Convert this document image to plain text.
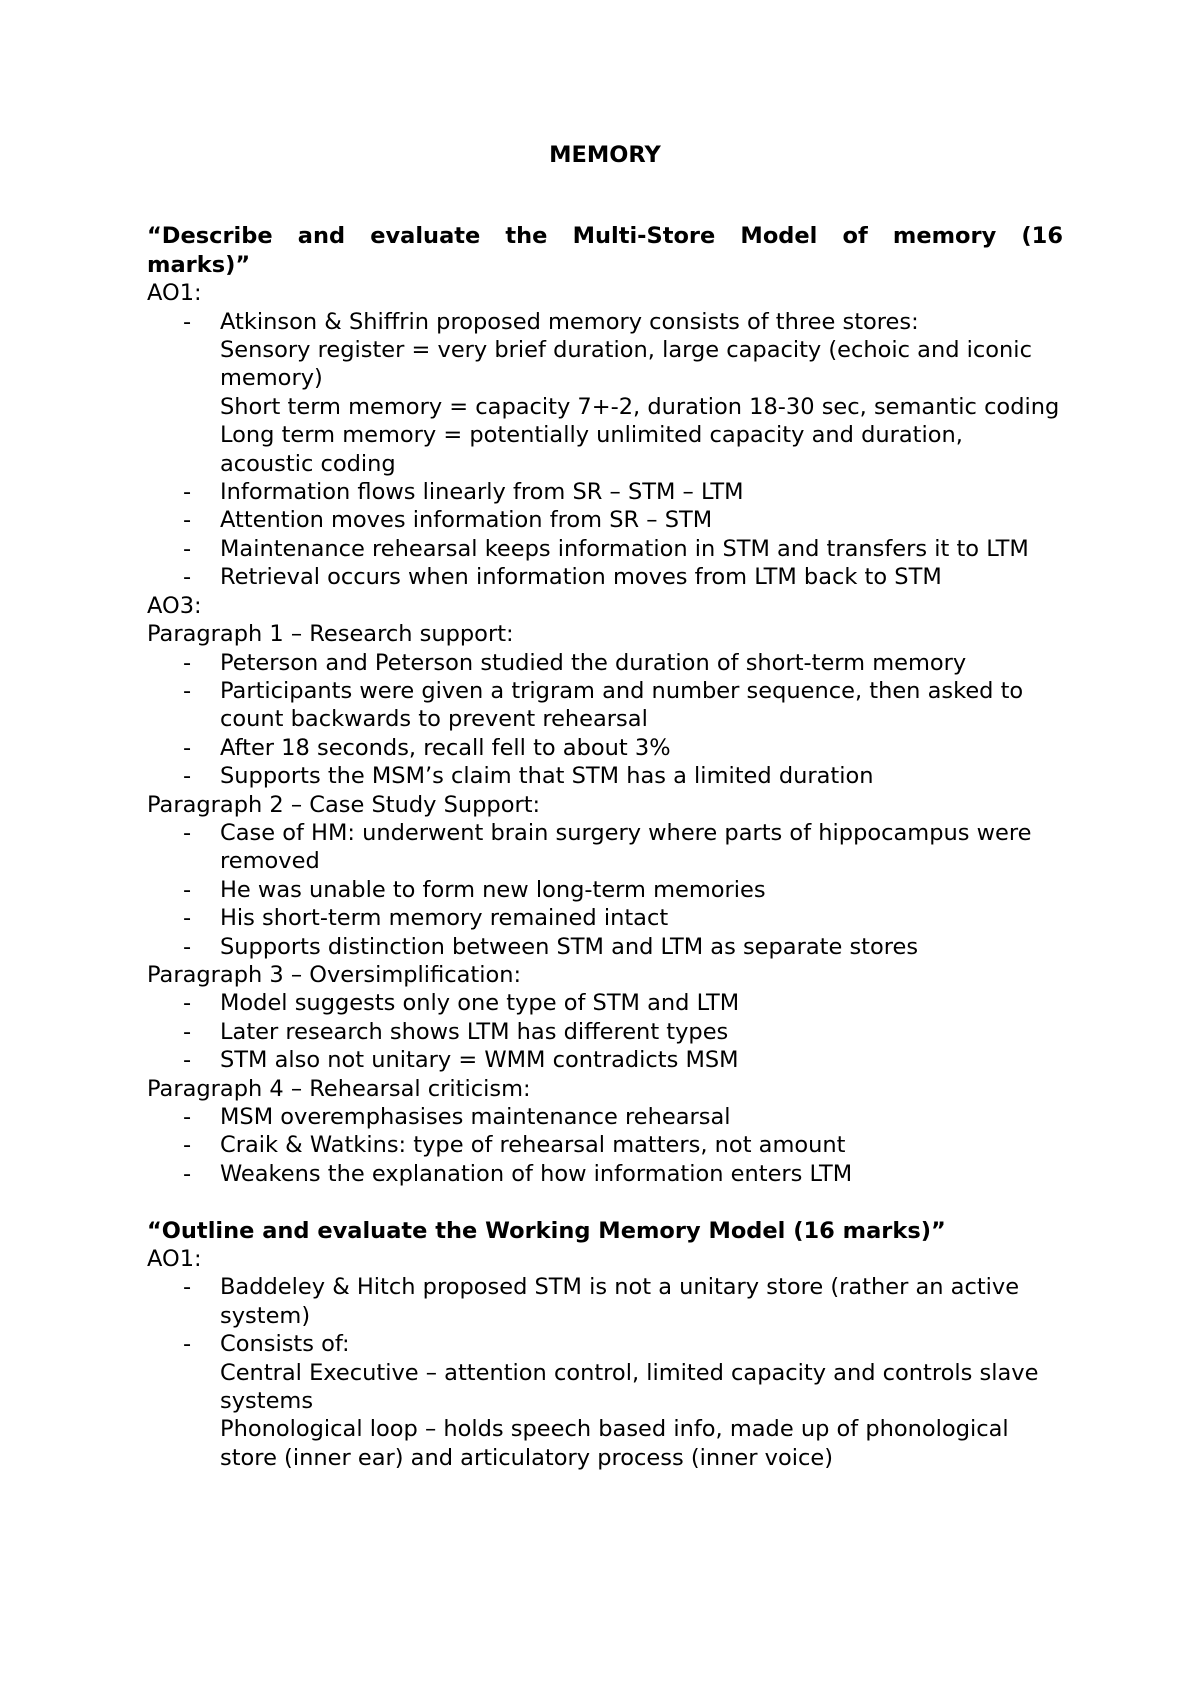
MEMORY

“Describe and evaluate the Multi-Store Model of memory (16 marks)”

AO1:

- Atkinson & Shiffrin proposed memory consists of three stores:
Sensory register = very brief duration, large capacity (echoic and iconic memory)
Short term memory = capacity 7+-2, duration 18-30 sec, semantic coding
Long term memory = potentially unlimited capacity and duration, acoustic coding
- Information flows linearly from SR – STM – LTM
- Attention moves information from SR – STM
- Maintenance rehearsal keeps information in STM and transfers it to LTM
- Retrieval occurs when information moves from LTM back to STM

AO3:

Paragraph 1 – Research support:

- Peterson and Peterson studied the duration of short-term memory
- Participants were given a trigram and number sequence, then asked to count backwards to prevent rehearsal
- After 18 seconds, recall fell to about 3%
- Supports the MSM’s claim that STM has a limited duration

Paragraph 2 – Case Study Support:

- Case of HM: underwent brain surgery where parts of hippocampus were removed
- He was unable to form new long-term memories
- His short-term memory remained intact
- Supports distinction between STM and LTM as separate stores

Paragraph 3 – Oversimplification:

- Model suggests only one type of STM and LTM
- Later research shows LTM has different types
- STM also not unitary = WMM contradicts MSM

Paragraph 4 – Rehearsal criticism:

- MSM overemphasises maintenance rehearsal
- Craik & Watkins: type of rehearsal matters, not amount
- Weakens the explanation of how information enters LTM

“Outline and evaluate the Working Memory Model (16 marks)”

AO1:

- Baddeley & Hitch proposed STM is not a unitary store (rather an active system)
- Consists of:
Central Executive – attention control, limited capacity and controls slave systems
Phonological loop – holds speech based info, made up of phonological store (inner ear) and articulatory process (inner voice)
